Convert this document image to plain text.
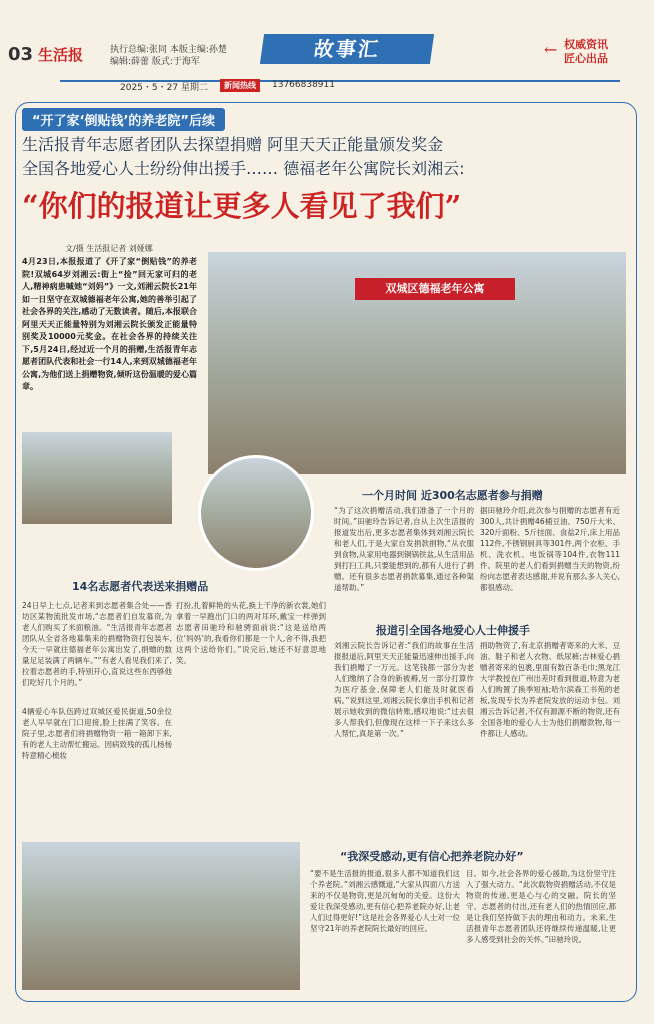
03 生活报	执行总编:张同 本版主编:孙楚
编辑:薛蕾 版式:于海军
故事汇	← 权威资讯
匠心出品
2025・5・27 星期二	新闻热线	13766838911
“开了家‘倒贴钱’的养老院”后续
生活报青年志愿者团队去探望捐赠 阿里天天正能量颁发奖金
全国各地爱心人士纷纷伸出援手…… 德福老年公寓院长刘湘云:
“你们的报道让更多人看见了我们”
文/摄 生活报记者 刘娅娜
4月23日,本报报道了《开了家“倒贴钱”的养老院!双城64岁刘湘云:街上“捡”回无家可归的老人,精神病患喊她“刘妈”》一文,刘湘云院长21年如一日坚守在双城德福老年公寓,她的善举引起了社会各界的关注,感动了无数读者。随后,本报联合阿里天天正能量特别为刘湘云院长颁发正能量特别奖及10000元奖金。在社会各界的持续关注下,5月24日,经过近一个月的捐赠,生活报青年志愿者团队代表和社会一行14人,来到双城德福老年公寓,为他们送上捐赠物资,倾听这份温暖的爱心篇章。
双城区德福老年公寓
一个月时间 近300名志愿者参与捐赠
“为了这次捐赠活动,我们准备了一个月的时间。”田驰玲告诉记者,自从上次生活报的报道发出后,更多志愿者集体到刘湘云院长和老人们,于是大家自发捐款捐物,“从衣服到食物,从家用电器到铜锅铁盆,从生活用品到打扫工具,只要能想到的,都有人进行了捐赠。还有很多志愿者捐款募集,通过各种渠道帮助。”
据田驰玲介绍,此次参与捐赠的志愿者有近300人,共计捐赠46桶豆油、750斤大米、320斤面粉、5斤挂面、食盐2斤,床上用品112件,不锈钢厨具等301件,两个衣柜、手机、洗衣机、电饭锅等104件,衣物111件。院里的老人们看到捐赠当天的物资,纷纷向志愿者表达感谢,并说有那么多人关心,都很感动。
14名志愿者代表送来捐赠品
24日早上七点,记者来到志愿者集合处——香坊区某物流批发市场,“志愿者们自发募资,为老人们购买了米面粮油。“生活报青年志愿者团队从全省各地募集来的捐赠物资打包装车,今天一早就往德福老年公寓出发了,捐赠的数量足足装满了两辆车。”“有老人看见我们来了,拉着志愿者的手,特别开心,直说这些东西够他们吃好几个月的。”
4辆爱心车队伍跨过双城区爱民街道,50余位老人早早就在门口迎接,脸上挂满了笑容。在院子里,志愿者们将捐赠物资一箱一箱卸下来,有的老人主动帮忙搬运。因病致残的孤儿杨杨特意精心梳妆
打扮,扎着鲜艳的头花,换上干净的新衣裳,她们拿着一早跑出门口的两对耳环,戴宝一样弹到志愿者田驰玲和驰骋面前说:“这是送给两位‘妈妈’的,我看你们都是一个人,舍不得,我把这两个送给你们。”说完后,她还不好意思地笑。
报道引全国各地爱心人士伸援手
刘湘云院长告诉记者:“我们的故事在生活报报道后,阿里天天正能量迅速伸出援手,向我们捐赠了一万元。这笔钱都一部分为老人们缴纳了合身的新被褥,另一部分打算作为医疗基金,保障老人们能及时就医看病。”说到这里,刘湘云院长拿出手机和记者展示她收到的微信转账,感叹地说:“过去很多人帮我们,但像现在这样一下子来这么多人帮忙,真是第一次。”
捐助物资了,有北京捐赠者寄来的大米、豆油、鞋子和老人衣物、纸尿裤;吉林爱心捐赠者寄来的包裹,里面有数百条毛巾;黑龙江大学教授在广州出差时看到报道,特意为老人们购置了换季短袖;哈尔滨森工书苑的老板,发现专长为养老院发放的运动卡包。刘湘云告诉记者,不仅有源源不断的物资,还有全国各地的爱心人士为他们捐赠款物,每一件都让人感动。
“我深受感动,更有信心把养老院办好”
“要不是生活报的报道,很多人都不知道我们这个养老院。”刘湘云感慨道,“大家从四面八方送来的不仅是物资,更是沉甸甸的关爱。这份大爱让我深受感动,更有信心把养老院办好,让老人们过得更好!”这是社会各界爱心人士对一位坚守21年的养老院院长最好的回应。
目。如今,社会各界的爱心援助,为这份坚守注入了强大动力。“此次载物资捐赠活动,不仅是物资的传递,更是心与心的交融。院长的坚守、志愿者的付出,还有老人们的热情回应,都是让我们坚持做下去的理由和动力。未来,生活报青年志愿者团队还将继续传递温暖,让更多人感受到社会的关怀。”田驰玲说。
